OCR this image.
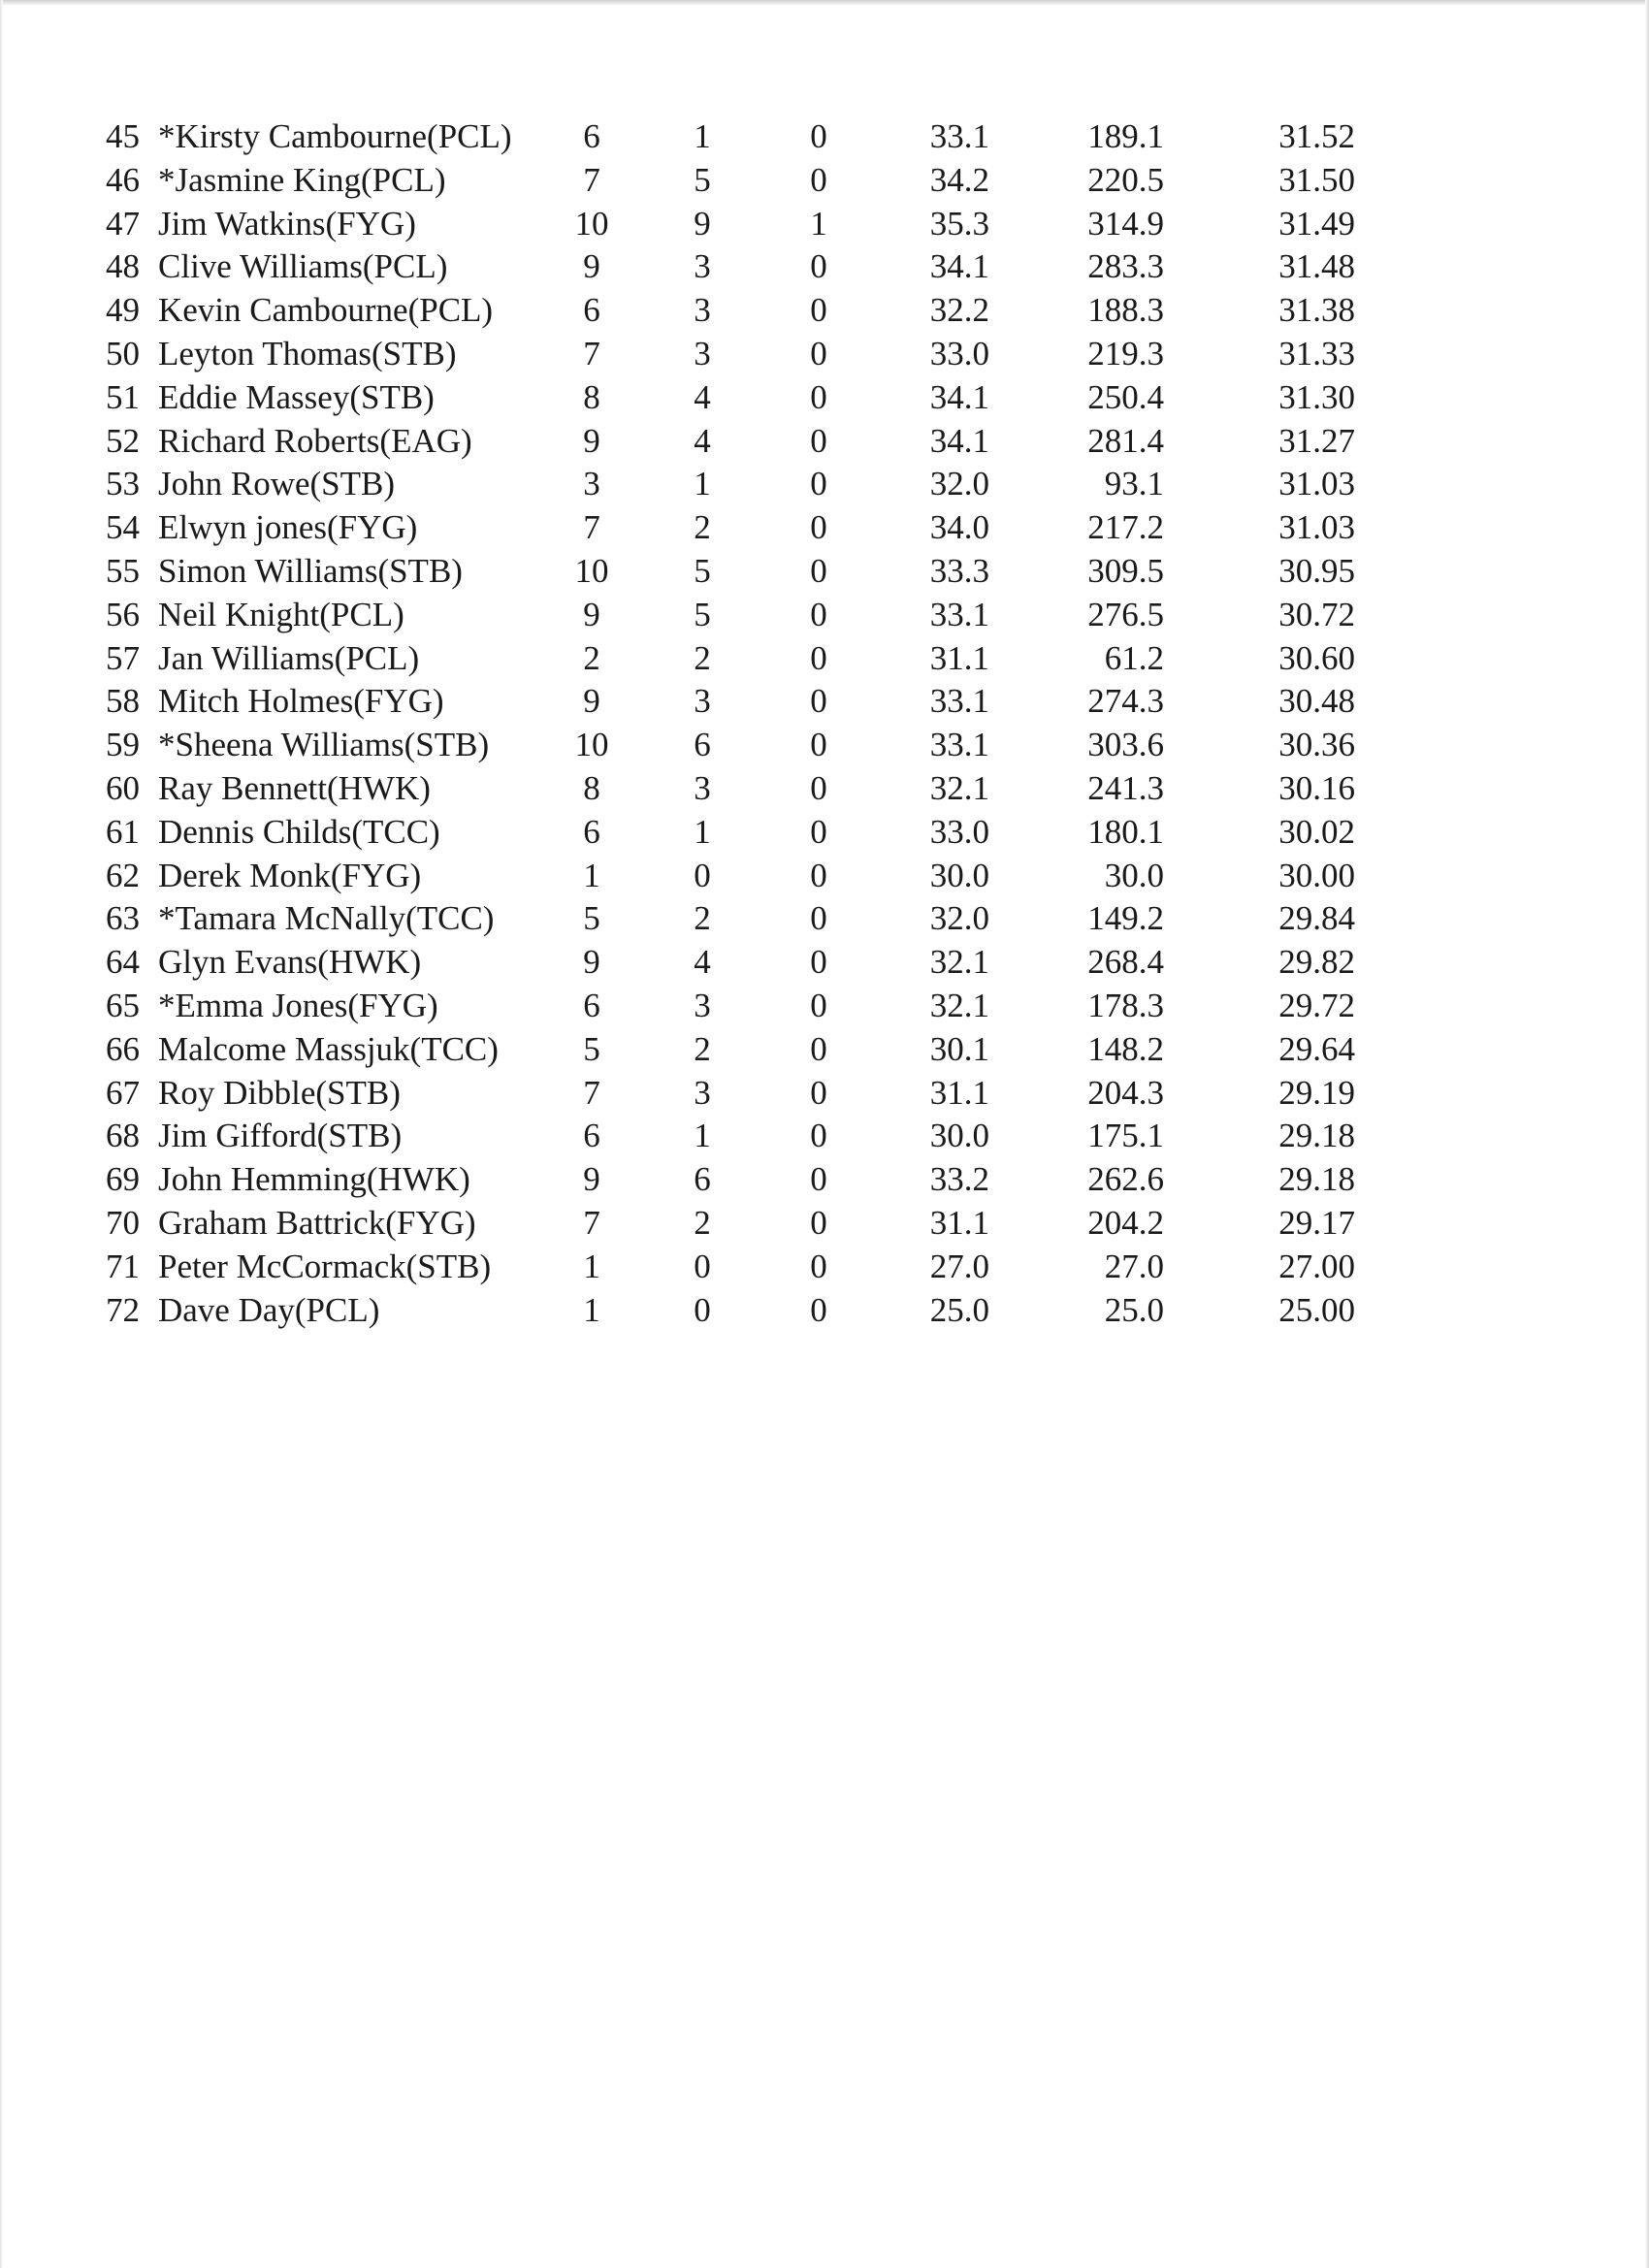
45 *Kirsty Cambourne(PCL)	6	1	0	33.1	189.1	31.52
46 *Jasmine King(PCL)	7	5	0	34.2	220.5	31.50
47 Jim Watkins(FYG)	10	9	1	35.3	314.9	31.49
48 Clive Williams(PCL)	9	3	0	34.1	283.3	31.48
49 Kevin Cambourne(PCL)	6	3	0	32.2	188.3	31.38
50 Leyton Thomas(STB)	7	3	0	33.0	219.3	31.33
51 Eddie Massey(STB)	8	4	0	34.1	250.4	31.30
52 Richard Roberts(EAG)	9	4	0	34.1	281.4	31.27
53 John Rowe(STB)	3	1	0	32.0	93.1	31.03
54 Elwyn jones(FYG)	7	2	0	34.0	217.2	31.03
55 Simon Williams(STB)	10	5	0	33.3	309.5	30.95
56 Neil Knight(PCL)	9	5	0	33.1	276.5	30.72
57 Jan Williams(PCL)	2	2	0	31.1	61.2	30.60
58 Mitch Holmes(FYG)	9	3	0	33.1	274.3	30.48
59 *Sheena Williams(STB)	10	6	0	33.1	303.6	30.36
60 Ray Bennett(HWK)	8	3	0	32.1	241.3	30.16
61 Dennis Childs(TCC)	6	1	0	33.0	180.1	30.02
62 Derek Monk(FYG)	1	0	0	30.0	30.0	30.00
63 *Tamara McNally(TCC)	5	2	0	32.0	149.2	29.84
64 Glyn Evans(HWK)	9	4	0	32.1	268.4	29.82
65 *Emma Jones(FYG)	6	3	0	32.1	178.3	29.72
66 Malcome Massjuk(TCC)	5	2	0	30.1	148.2	29.64
67 Roy Dibble(STB)	7	3	0	31.1	204.3	29.19
68 Jim Gifford(STB)	6	1	0	30.0	175.1	29.18
69 John Hemming(HWK)	9	6	0	33.2	262.6	29.18
70 Graham Battrick(FYG)	7	2	0	31.1	204.2	29.17
71 Peter McCormack(STB)	1	0	0	27.0	27.0	27.00
72 Dave Day(PCL)	1	0	0	25.0	25.0	25.00
